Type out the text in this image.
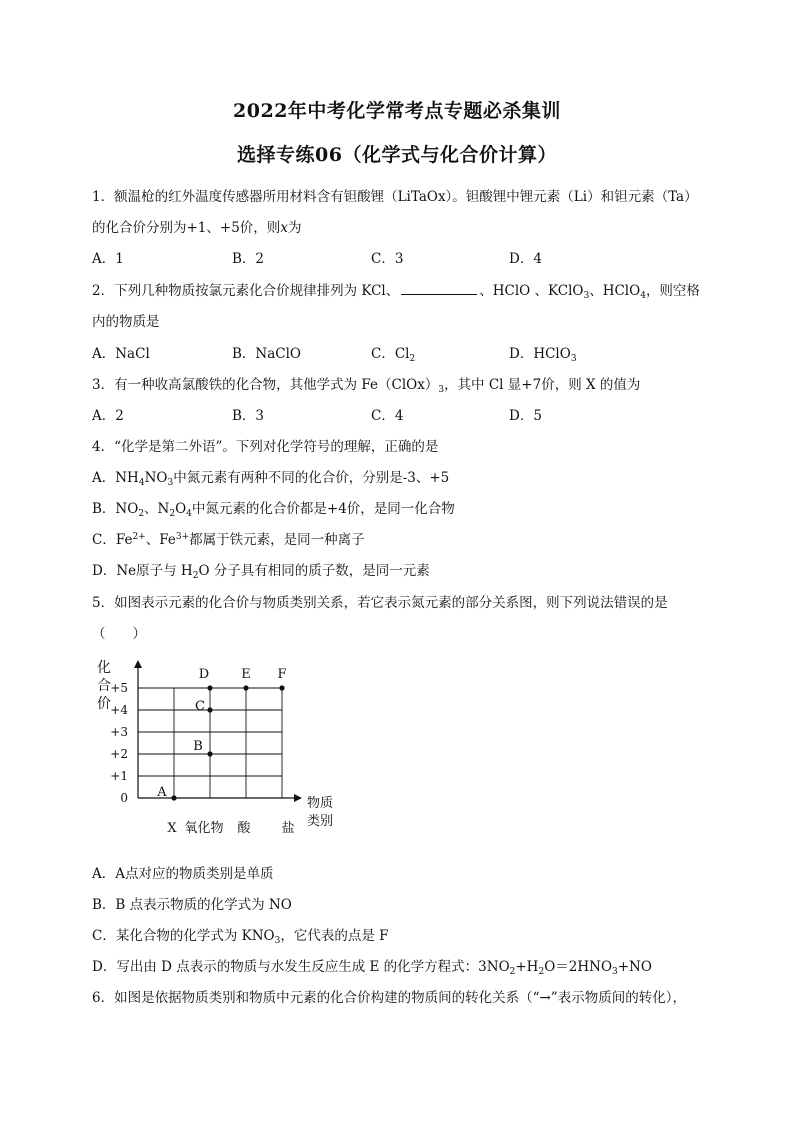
2022年中考化学常考点专题必杀集训
选择专练06（化学式与化合价计算）
1．额温枪的红外温度传感器所用材料含有钽酸锂（LiTaOx）。钽酸锂中锂元素（Li）和钽元素（Ta）
的化合价分别为+1、+5价，则x为
A．1	B．2	C．3	D．4
2．下列几种物质按氯元素化合价规律排列为 KCl、	、HClO 、KClO$_3$、HClO$_4$，则空格
内的物质是
A．NaCl	B．NaClO	C．$Cl_2$	D．HClO$_3$
3．有一种收高氯酸铁的化合物，其他学式为 $Fe(ClOx)_3$，其中 Cl 显+7价，则 X 的值为
A．2	B．3	C．4	D．5
4．“化学是第二外语”。下列对化学符号的理解，正确的是
A．$NH_4NO_3$中氮元素有两种不同的化合价，分别是-3、+5
B．$NO_2$、$N_2O_4$中氮元素的化合价都是+4价，是同一化合物
C．$Fe^{2+}$、$Fe^{3+}$都属于铁元素，是同一种离子
D．Ne原子与 $H_2O$ 分子具有相同的质子数，是同一元素
5．如图表示元素的化合价与物质类别关系，若它表示氮元素的部分关系图，则下列说法错误的是
（　　）
化
合
价
0
+1
+2
+3
+4
+5
X 氧化物 酸 盐
物质
类别
A
B
C
D E F
A．A点对应的物质类别是单质
B．B 点表示物质的化学式为 NO
C．某化合物的化学式为 $KNO_3$，它代表的点是 F
D．写出由 D 点表示的物质与水发生反应生成 E 的化学方程式：$3NO_2+H_2O=2HNO_3+NO$
6．如图是依据物质类别和物质中元素的化合价构建的物质间的转化关系（“→”表示物质间的转化），
